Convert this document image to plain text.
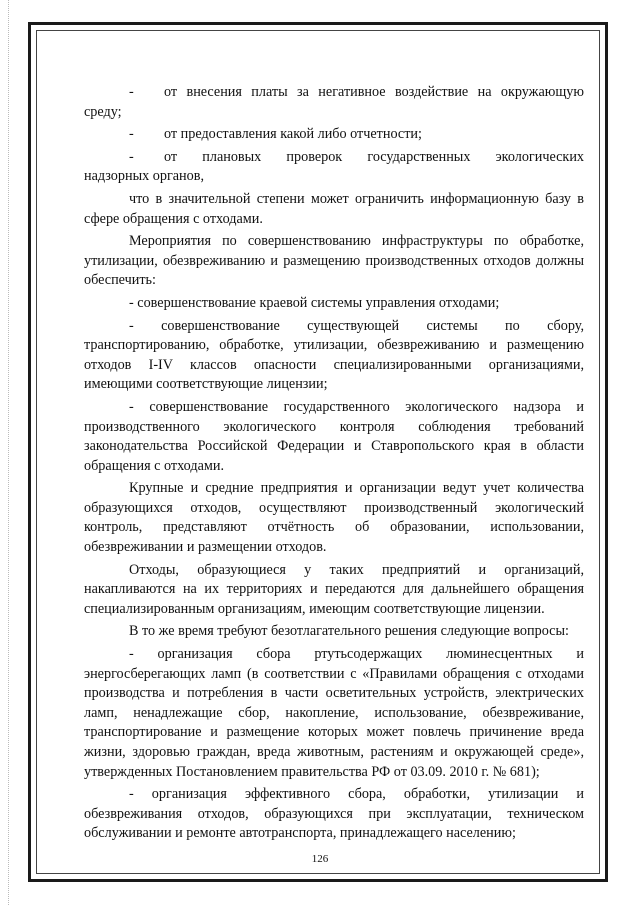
-	от внесения платы за негативное воздействие на окружающую
среду;
-	от предоставления какой либо отчетности;
-	от плановых проверок государственных экологических
надзорных органов,

что в значительной степени может ограничить информационную базу в сфере обращения с отходами.

Мероприятия по совершенствованию инфраструктуры по обработке, утилизации, обезвреживанию и размещению производственных отходов должны обеспечить:

- совершенствование краевой системы управления отходами;

- совершенствование существующей системы по сбору, транспортированию, обработке, утилизации, обезвреживанию и размещению отходов I-IV классов опасности специализированными организациями, имеющими соответствующие лицензии;

- совершенствование государственного экологического надзора и производственного экологического контроля соблюдения требований законодательства Российской Федерации и Ставропольского края в области обращения с отходами.

Крупные и средние предприятия и организации ведут учет количества образующихся отходов, осуществляют производственный экологический контроль, представляют отчётность об образовании, использовании, обезвреживании и размещении отходов.

Отходы, образующиеся у таких предприятий и организаций, накапливаются на их территориях и передаются для дальнейшего обращения специализированным организациям, имеющим соответствующие лицензии.

В то же время требуют безотлагательного решения следующие вопросы:

- организация сбора ртутьсодержащих люминесцентных и энергосберегающих ламп (в соответствии с «Правилами обращения с отходами производства и потребления в части осветительных устройств, электрических ламп, ненадлежащие сбор, накопление, использование, обезвреживание, транспортирование и размещение которых может повлечь причинение вреда жизни, здоровью граждан, вреда животным, растениям и окружающей среде», утвержденных Постановлением правительства РФ от 03.09. 2010 г. № 681);

- организация эффективного сбора, обработки, утилизации и обезвреживания отходов, образующихся при эксплуатации, техническом обслуживании и ремонте автотранспорта, принадлежащего населению;

126
